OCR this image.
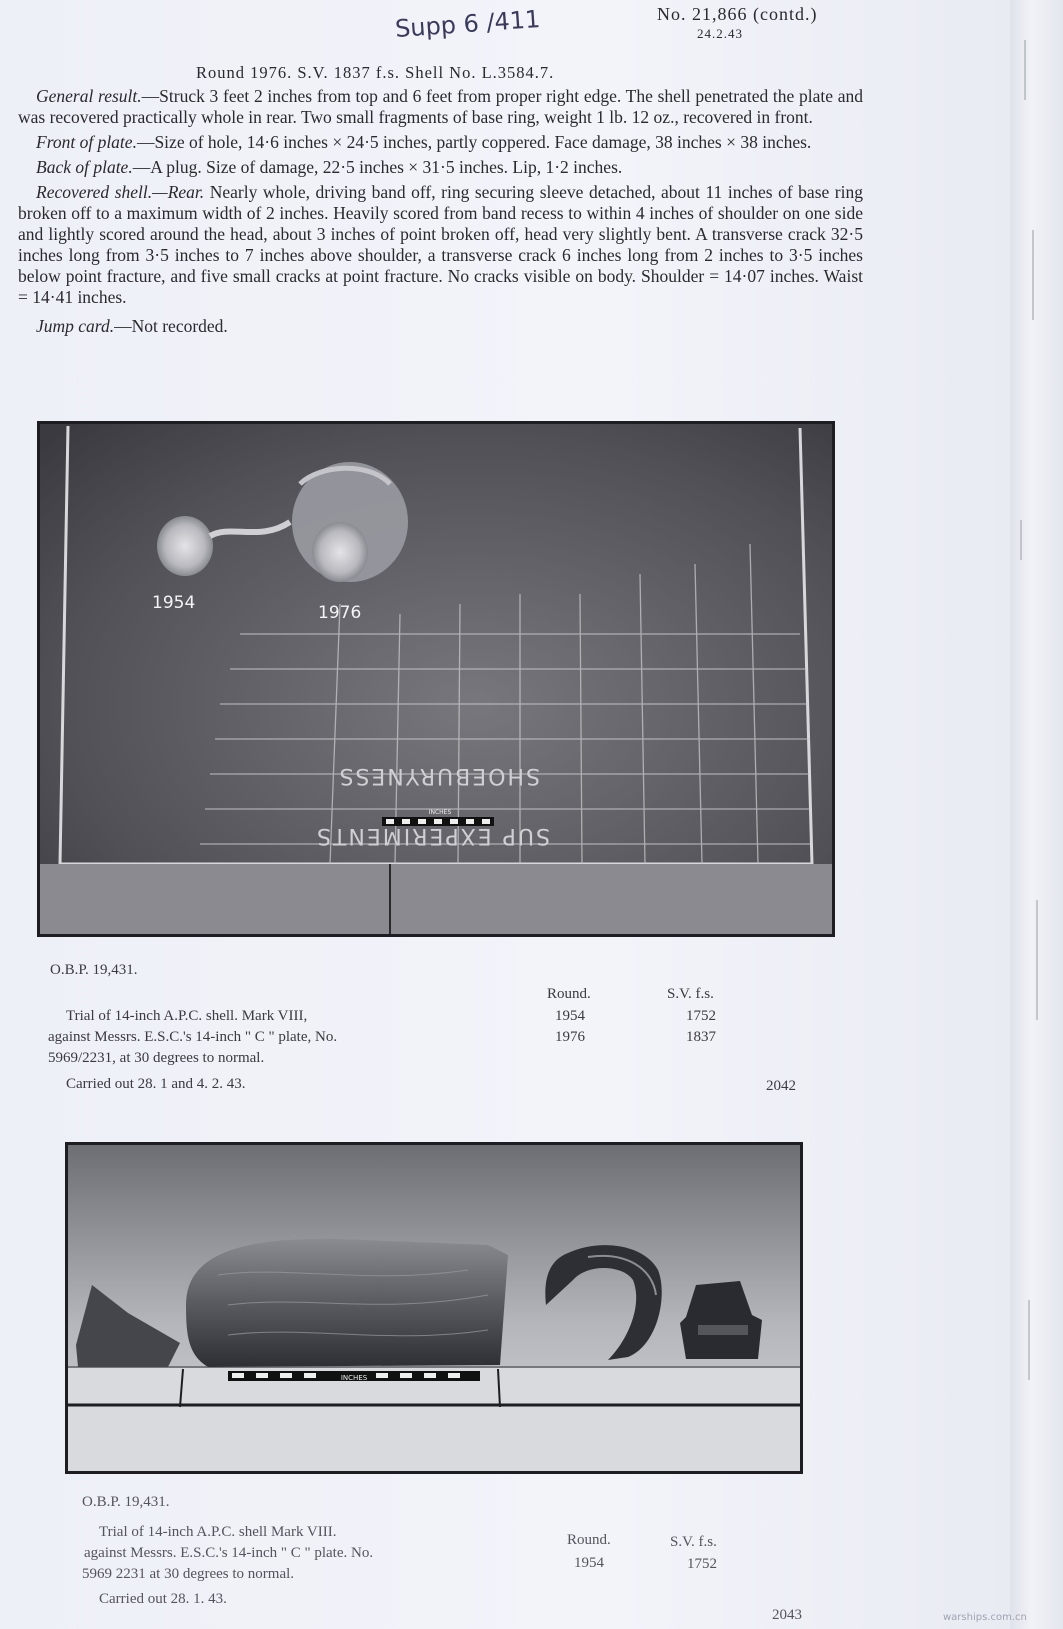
Supp 6 /411	No. 21,866 (contd.)
24.2.43
Round 1976. S.V. 1837 f.s. Shell No. L.3584.7.

General result.—Struck 3 feet 2 inches from top and 6 feet from proper right edge. The shell penetrated the plate and was recovered practically whole in rear. Two small fragments of base ring, weight 1 lb. 12 oz., recovered in front.

Front of plate.—Size of hole, 14·6 inches × 24·5 inches, partly coppered. Face damage, 38 inches × 38 inches.

Back of plate.—A plug. Size of damage, 22·5 inches × 31·5 inches. Lip, 1·2 inches.

Recovered shell.—Rear. Nearly whole, driving band off, ring securing sleeve detached, about 11 inches of base ring broken off to a maximum width of 2 inches. Heavily scored from band recess to within 4 inches of shoulder on one side and lightly scored around the head, about 3 inches of point broken off, head very slightly bent. A transverse crack 32·5 inches long from 3·5 inches to 7 inches above shoulder, a transverse crack 6 inches long from 2 inches to 3·5 inches below point fracture, and five small cracks at point fracture. No cracks visible on body. Shoulder = 14·07 inches. Waist = 14·41 inches.

Jump card.—Not recorded.

INCHES
1954	1976
SHOEBURYNESS
SUP EXPERIMENTS
O.B.P. 19,431.
Round.	S.V. f.s.
Trial of 14-inch A.P.C. shell. Mark VIII,
against Messrs. E.S.C.'s 14-inch " C " plate, No.
5969/2231, at 30 degrees to normal.
1954	1752
1976	1837
Carried out 28. 1 and 4. 2. 43.	2042
INCHES
O.B.P. 19,431.
Trial of 14-inch A.P.C. shell Mark VIII.
against Messrs. E.S.C.'s 14-inch " C " plate. No.
5969 2231 at 30 degrees to normal.
Round.	S.V. f.s.
1954	1752
Carried out 28. 1. 43.
2043	warships.com.cn
